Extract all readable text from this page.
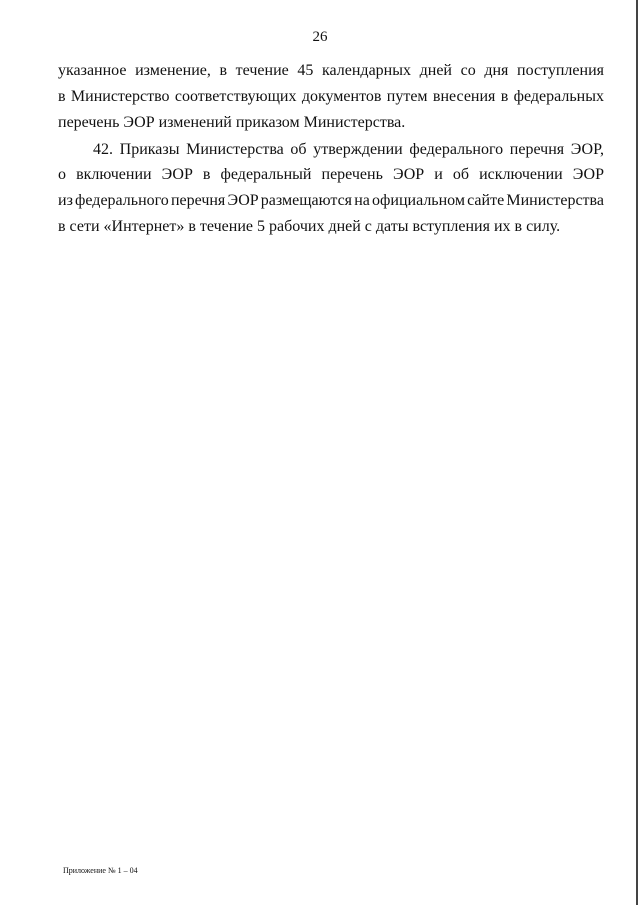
26
указанное изменение, в течение 45 календарных дней со дня поступления
в Министерство соответствующих документов путем внесения в федеральных
перечень ЭОР изменений приказом Министерства.
42. Приказы Министерства об утверждении федерального перечня ЭОР,
о включении ЭОР в федеральный перечень ЭОР и об исключении ЭОР
из федерального перечня ЭОР размещаются на официальном сайте Министерства
в сети «Интернет» в течение 5 рабочих дней с даты вступления их в силу.
Приложение № 1 – 04
